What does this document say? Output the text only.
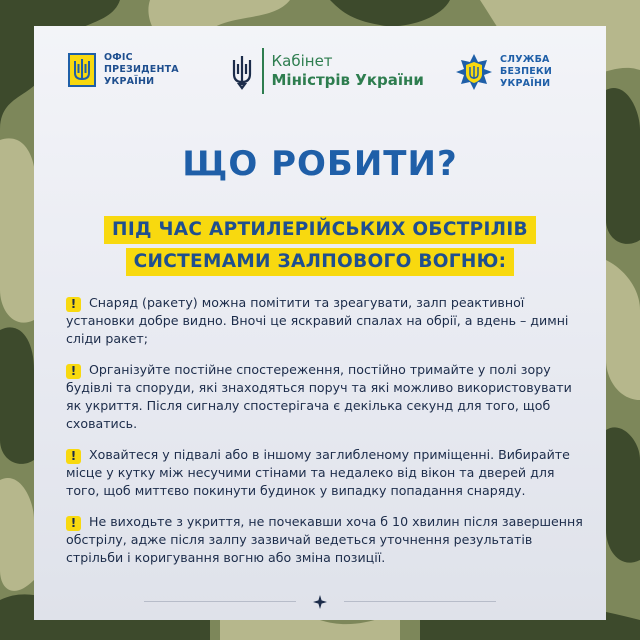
ОФІС
ПРЕЗИДЕНТА
УКРАЇНИ
Кабінет
Міністрів України
СЛУЖБА
БЕЗПЕКИ
УКРАЇНИ
ЩО РОБИТИ?
ПІД ЧАС АРТИЛЕРІЙСЬКИХ ОБСТРІЛІВ
СИСТЕМАМИ ЗАЛПОВОГО ВОГНЮ:
! Снаряд (ракету) можна помітити та зреагувати, залп реактивної установки добре видно. Вночі це яскравий спалах на обрії, а вдень – димні сліди ракет;
! Організуйте постійне спостереження, постійно тримайте у полі зору будівлі та споруди, які знаходяться поруч та які можливо використовувати як укриття. Після сигналу спостерігача є декілька секунд для того, щоб сховатись.
! Ховайтеся у підвалі або в іншому заглибленому приміщенні. Вибирайте місце у кутку між несучими стінами та недалеко від вікон та дверей для того, щоб миттєво покинути будинок у випадку попадання снаряду.
! Не виходьте з укриття, не почекавши хоча б 10 хвилин після завершення обстрілу, адже після залпу зазвичай ведеться уточнення результатів стрільби і коригування вогню або зміна позиції.
